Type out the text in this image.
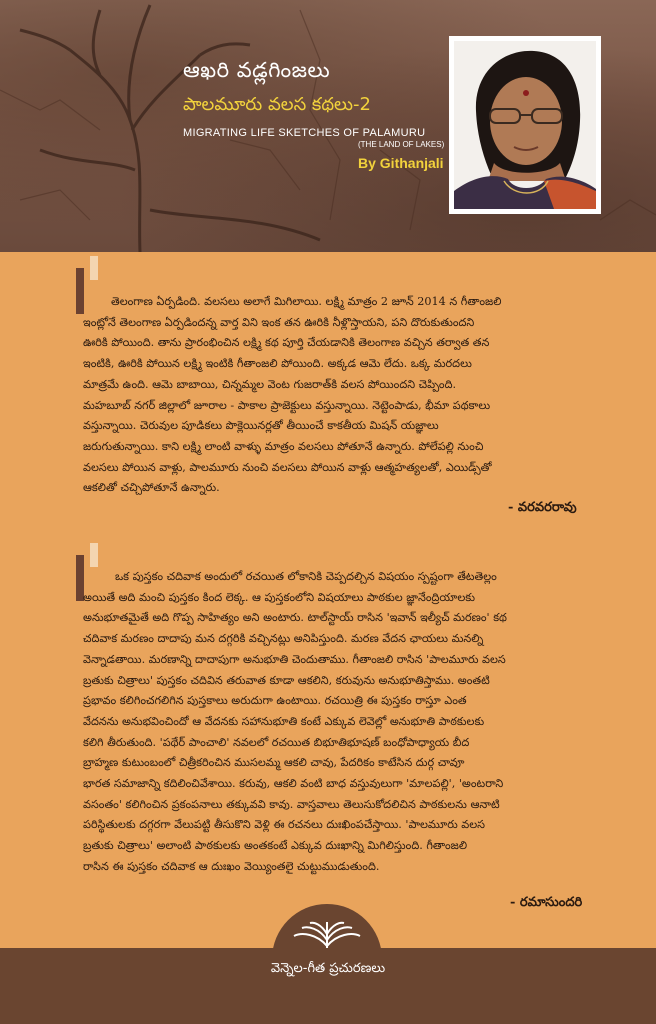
ఆఖరి వడ్లగింజలు
పాలమూరు వలస కథలు-2
MIGRATING LIFE SKETCHES OF PALAMURU
(THE LAND OF LAKES)
By Githanjali
తెలంగాణ ఏర్పడింది. వలసలు అలాగే మిగిలాయి. లక్ష్మి మాత్రం 2 జూన్ 2014 న గీతాంజలి
ఇంట్లోనే తెలంగాణ ఏర్పడిందన్న వార్త విని ఇంక తన ఊరికి నీళ్లొస్తాయని, పని దొరుకుతుందని
ఊరికి పోయింది. తాను ప్రారంభించిన లక్ష్మి కథ పూర్తి చేయడానికి తెలంగాణ వచ్చిన తర్వాత తన
ఇంటికి, ఊరికి పోయిన లక్ష్మి ఇంటికి గీతాంజలి పోయింది. అక్కడ ఆమె లేదు. ఒక్క మరదలు
మాత్రమే ఉంది. ఆమె బాబాయి, చిన్నమ్మల వెంట గుజరాత్‌కి వలస పోయిందని చెప్పింది.
మహబూబ్ నగర్ జిల్లాలో జూరాల - పాకాల ప్రాజెక్టులు వస్తున్నాయి. నెట్టెంపాడు, భీమా పథకాలు
వస్తున్నాయి. చెరువుల పూడికలు పొక్లెయినర్లతో తీయించే కాకతీయ మిషన్ యజ్ఞాలు
జరుగుతున్నాయి. కాని లక్ష్మి లాంటి వాళ్ళు మాత్రం వలసలు పోతూనే ఉన్నారు. పోలేపల్లి నుంచి
వలసలు పోయిన వాళ్లు, పాలమూరు నుంచి వలసలు పోయిన వాళ్లు ఆత్మహత్యలతో, ఎయిడ్స్‌తో
ఆకలితో చచ్చిపోతూనే ఉన్నారు.
- వరవరరావు
ఒక పుస్తకం చదివాక అందులో రచయిత లోకానికి చెప్పదల్చిన విషయం స్పష్టంగా తేటతెల్లం
అయితే అది మంచి పుస్తకం కింద లెక్క. ఆ పుస్తకంలోని విషయాలు పాఠకుల జ్ఞానేంద్రియాలకు
అనుభూతమైతే అది గొప్ప సాహిత్యం అని అంటారు. టాల్‌స్టాయ్ రాసిన 'ఇవాన్ ఇల్యీచ్ మరణం' కథ
చదివాక మరణం దాదాపు మన దగ్గరికి వచ్చినట్లు అనిపిస్తుంది. మరణ వేదన ఛాయలు మనల్ని
వెన్నాడతాయి. మరణాన్ని దాదాపుగా అనుభూతి చెందుతాము. గీతాంజలి రాసిన 'పాలమూరు వలస
బ్రతుకు చిత్రాలు' పుస్తకం చదివిన తరువాత కూడా ఆకలిని, కరువును అనుభూతిస్తాము. అంతటి
ప్రభావం కలిగించగలిగిన పుస్తకాలు అరుదుగా ఉంటాయి. రచయిత్రి ఈ పుస్తకం రాస్తూ ఎంత
వేదనను అనుభవించిందో ఆ వేదనకు సహానుభూతి కంటే ఎక్కువ లెవెల్లో అనుభూతి పాఠకులకు
కలిగి తీరుతుంది. 'పథేర్ పాంచాలి' నవలలో రచయిత బిభూతిభూషణ్ బంధోపాధ్యాయ బీద
బ్రాహ్మణ కుటుంబంలో చిత్రీకరించిన ముసలమ్మ ఆకలి చావు, పేదరికం కాటేసిన దుర్గ చావూ
భారత సమాజాన్ని కదిలించివేశాయి. కరువు, ఆకలి వంటి బాధ వస్తువులుగా 'మాలపల్లి', 'అంటరాని
వసంతం' కలిగించిన ప్రకంపనాలు తక్కువవి కావు. వాస్తవాలు తెలుసుకోదలిచిన పాఠకులను ఆనాటి
పరిస్థితులకు దగ్గరగా వేలుపట్టి తీసుకొని వెళ్లి ఈ రచనలు దుఃఖింపచేస్తాయి. 'పాలమూరు వలస
బ్రతుకు చిత్రాలు' అలాంటి పాఠకులకు అంతకంటే ఎక్కువ దుఃఖాన్ని మిగిలిస్తుంది. గీతాంజలి
రాసిన ఈ పుస్తకం చదివాక ఆ దుఃఖం వెయ్యింతలై చుట్టుముడుతుంది.
- రమాసుందరి
వెన్నెల-గీత ప్రచురణలు
